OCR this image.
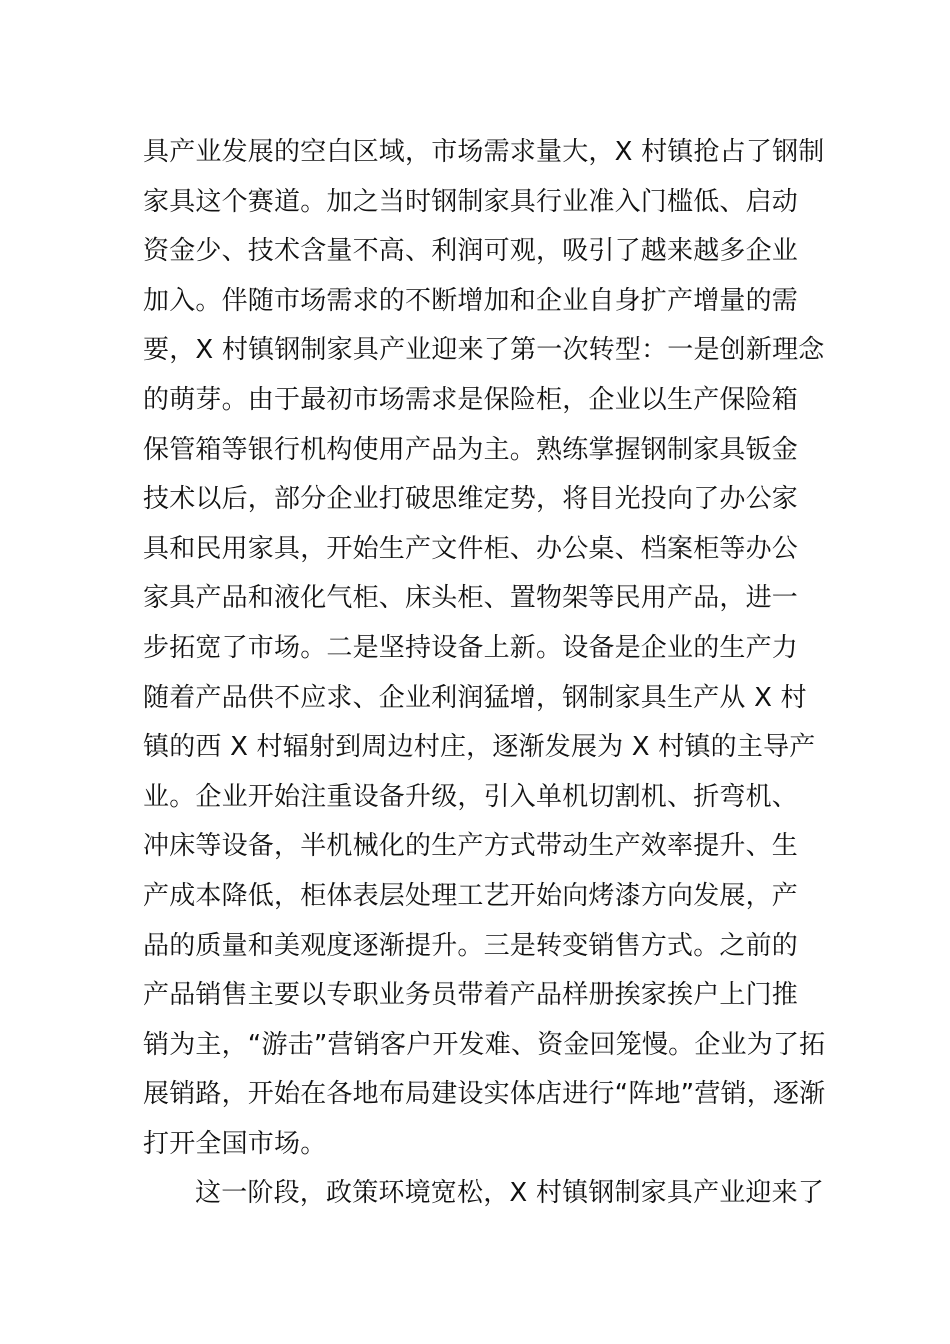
具产业发展的空白区域，市场需求量大，X 村镇抢占了钢制
家具这个赛道。加之当时钢制家具行业准入门槛低、启动
资金少、技术含量不高、利润可观，吸引了越来越多企业
加入。伴随市场需求的不断增加和企业自身扩产增量的需
要，X 村镇钢制家具产业迎来了第一次转型：一是创新理念
的萌芽。由于最初市场需求是保险柜，企业以生产保险箱
保管箱等银行机构使用产品为主。熟练掌握钢制家具钣金
技术以后，部分企业打破思维定势，将目光投向了办公家
具和民用家具，开始生产文件柜、办公桌、档案柜等办公
家具产品和液化气柜、床头柜、置物架等民用产品，进一
步拓宽了市场。二是坚持设备上新。设备是企业的生产力
随着产品供不应求、企业利润猛增，钢制家具生产从 X 村
镇的西 X 村辐射到周边村庄，逐渐发展为 X 村镇的主导产
业。企业开始注重设备升级，引入单机切割机、折弯机、
冲床等设备，半机械化的生产方式带动生产效率提升、生
产成本降低，柜体表层处理工艺开始向烤漆方向发展，产
品的质量和美观度逐渐提升。三是转变销售方式。之前的
产品销售主要以专职业务员带着产品样册挨家挨户上门推
销为主，“游击”营销客户开发难、资金回笼慢。企业为了拓
展销路，开始在各地布局建设实体店进行“阵地”营销，逐渐
打开全国市场。
这一阶段，政策环境宽松，X 村镇钢制家具产业迎来了
